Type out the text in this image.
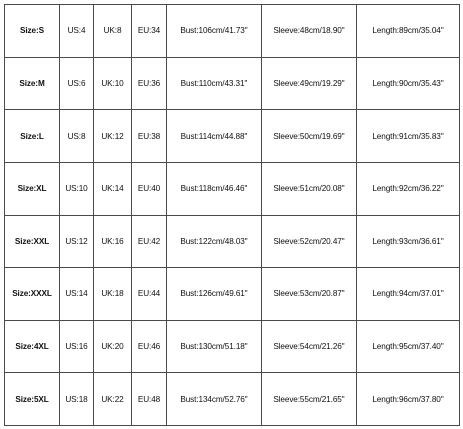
Size:S	US:4	UK:8	EU:34	Bust:106cm/41.73''	Sleeve:48cm/18.90''	Length:89cm/35.04''
Size:M	US:6	UK:10	EU:36	Bust:110cm/43.31''	Sleeve:49cm/19.29''	Length:90cm/35.43''
Size:L	US:8	UK:12	EU:38	Bust:114cm/44.88''	Sleeve:50cm/19.69''	Length:91cm/35.83''
Size:XL	US:10	UK:14	EU:40	Bust:118cm/46.46''	Sleeve:51cm/20.08''	Length:92cm/36.22''
Size:XXL	US:12	UK:16	EU:42	Bust:122cm/48.03''	Sleeve:52cm/20.47''	Length:93cm/36.61''
Size:XXXL	US:14	UK:18	EU:44	Bust:126cm/49.61''	Sleeve:53cm/20.87''	Length:94cm/37.01''
Size:4XL	US:16	UK:20	EU:46	Bust:130cm/51.18''	Sleeve:54cm/21.26''	Length:95cm/37.40''
Size:5XL	US:18	UK:22	EU:48	Bust:134cm/52.76''	Sleeve:55cm/21.65''	Length:96cm/37.80''
